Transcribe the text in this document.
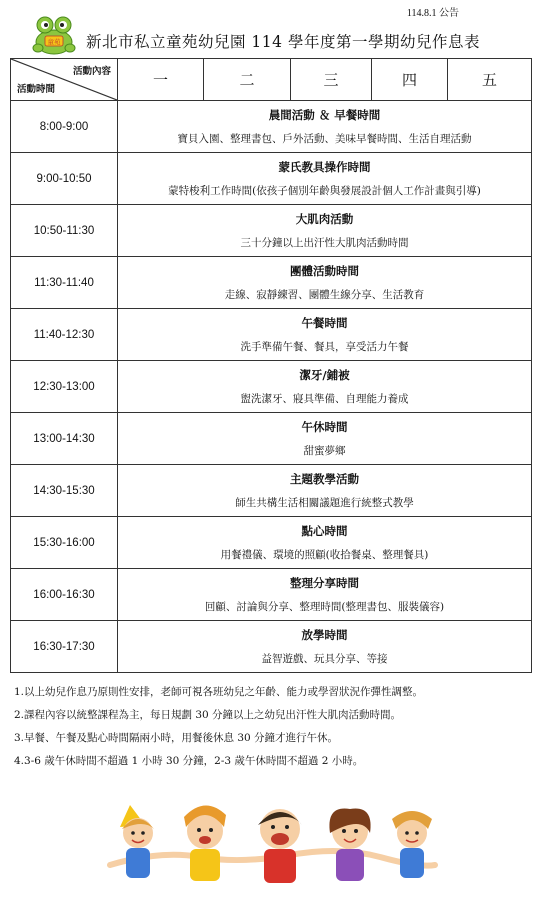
114.8.1 公告
童苑 新北市私立童苑幼兒園 114 學年度第一學期幼兒作息表
活動內容
活動時間	一	二	三	四	五
8:00-9:00	晨間活動 ＆ 早餐時間
寶貝入園、整理書包、戶外活動、美味早餐時間、生活自理活動				

9:00-10:50	蒙氏教具操作時間
蒙特梭利工作時間(依孩子個別年齡與發展設計個人工作計畫與引導)				

10:50-11:30	大肌肉活動
三十分鐘以上出汗性大肌肉活動時間				

11:30-11:40	團體活動時間
走線、寂靜練習、團體生線分享、生活教育				

11:40-12:30	午餐時間
洗手準備午餐、餐具，享受活力午餐				

12:30-13:00	潔牙/鋪被
盥洗潔牙、寢具準備、自理能力養成				

13:00-14:30	午休時間
甜蜜夢鄉				

14:30-15:30	主題教學活動
師生共構生活相關議題進行統整式教學				

15:30-16:00	點心時間
用餐禮儀、環境的照顧(收拾餐桌、整理餐具)				

16:00-16:30	整理分享時間
回顧、討論與分享、整理時間(整理書包、服裝儀容)				

16:30-17:30	放學時間
益智遊戲、玩具分享、等接				
1.以上幼兒作息乃原則性安排，老師可視各班幼兒之年齡、能力或學習狀況作彈性調整。
2.課程內容以統整課程為主，每日規劃 30 分鐘以上之幼兒出汗性大肌肉活動時間。
3.早餐、午餐及點心時間隔兩小時，用餐後休息 30 分鐘才進行午休。
4.3-6 歲午休時間不超過 1 小時 30 分鐘，2-3 歲午休時間不超過 2 小時。
